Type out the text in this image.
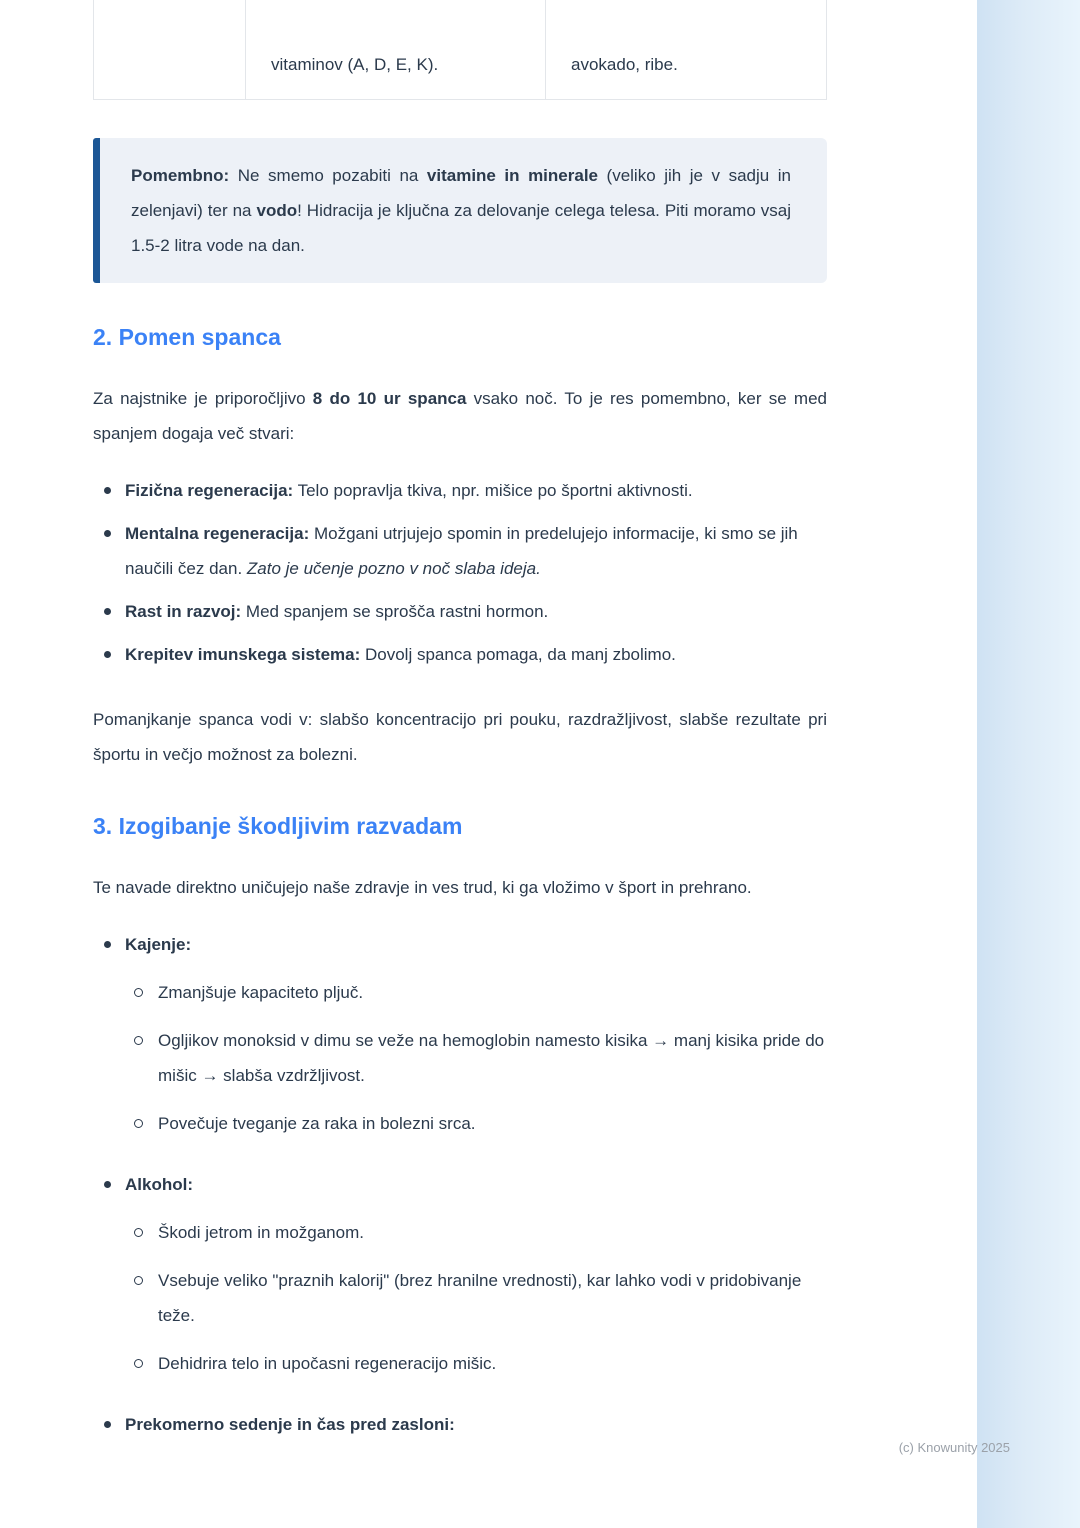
vitaminov (A, D, E, K).	avokado, ribe.

Pomembno: Ne smemo pozabiti na vitamine in minerale (veliko jih je v sadju in zelenjavi) ter na vodo! Hidracija je ključna za delovanje celega telesa. Piti moramo vsaj 1.5-2 litra vode na dan.

2. Pomen spanca

Za najstnike je priporočljivo 8 do 10 ur spanca vsako noč. To je res pomembno, ker se med spanjem dogaja več stvari:

Fizična regeneracija: Telo popravlja tkiva, npr. mišice po športni aktivnosti.
Mentalna regeneracija: Možgani utrjujejo spomin in predelujejo informacije, ki smo se jih naučili čez dan. Zato je učenje pozno v noč slaba ideja.
Rast in razvoj: Med spanjem se sprošča rastni hormon.
Krepitev imunskega sistema: Dovolj spanca pomaga, da manj zbolimo.

Pomanjkanje spanca vodi v: slabšo koncentracijo pri pouku, razdražljivost, slabše rezultate pri športu in večjo možnost za bolezni.

3. Izogibanje škodljivim razvadam

Te navade direktno uničujejo naše zdravje in ves trud, ki ga vložimo v šport in prehrano.

Kajenje:
Zmanjšuje kapaciteto pljuč.
Ogljikov monoksid v dimu se veže na hemoglobin namesto kisika → manj kisika pride do mišic → slabša vzdržljivost.
Povečuje tveganje za raka in bolezni srca.
Alkohol:
Škodi jetrom in možganom.
Vsebuje veliko "praznih kalorij" (brez hranilne vrednosti), kar lahko vodi v pridobivanje teže.
Dehidrira telo in upočasni regeneracijo mišic.
Prekomerno sedenje in čas pred zasloni:
(c) Knowunity 2025
